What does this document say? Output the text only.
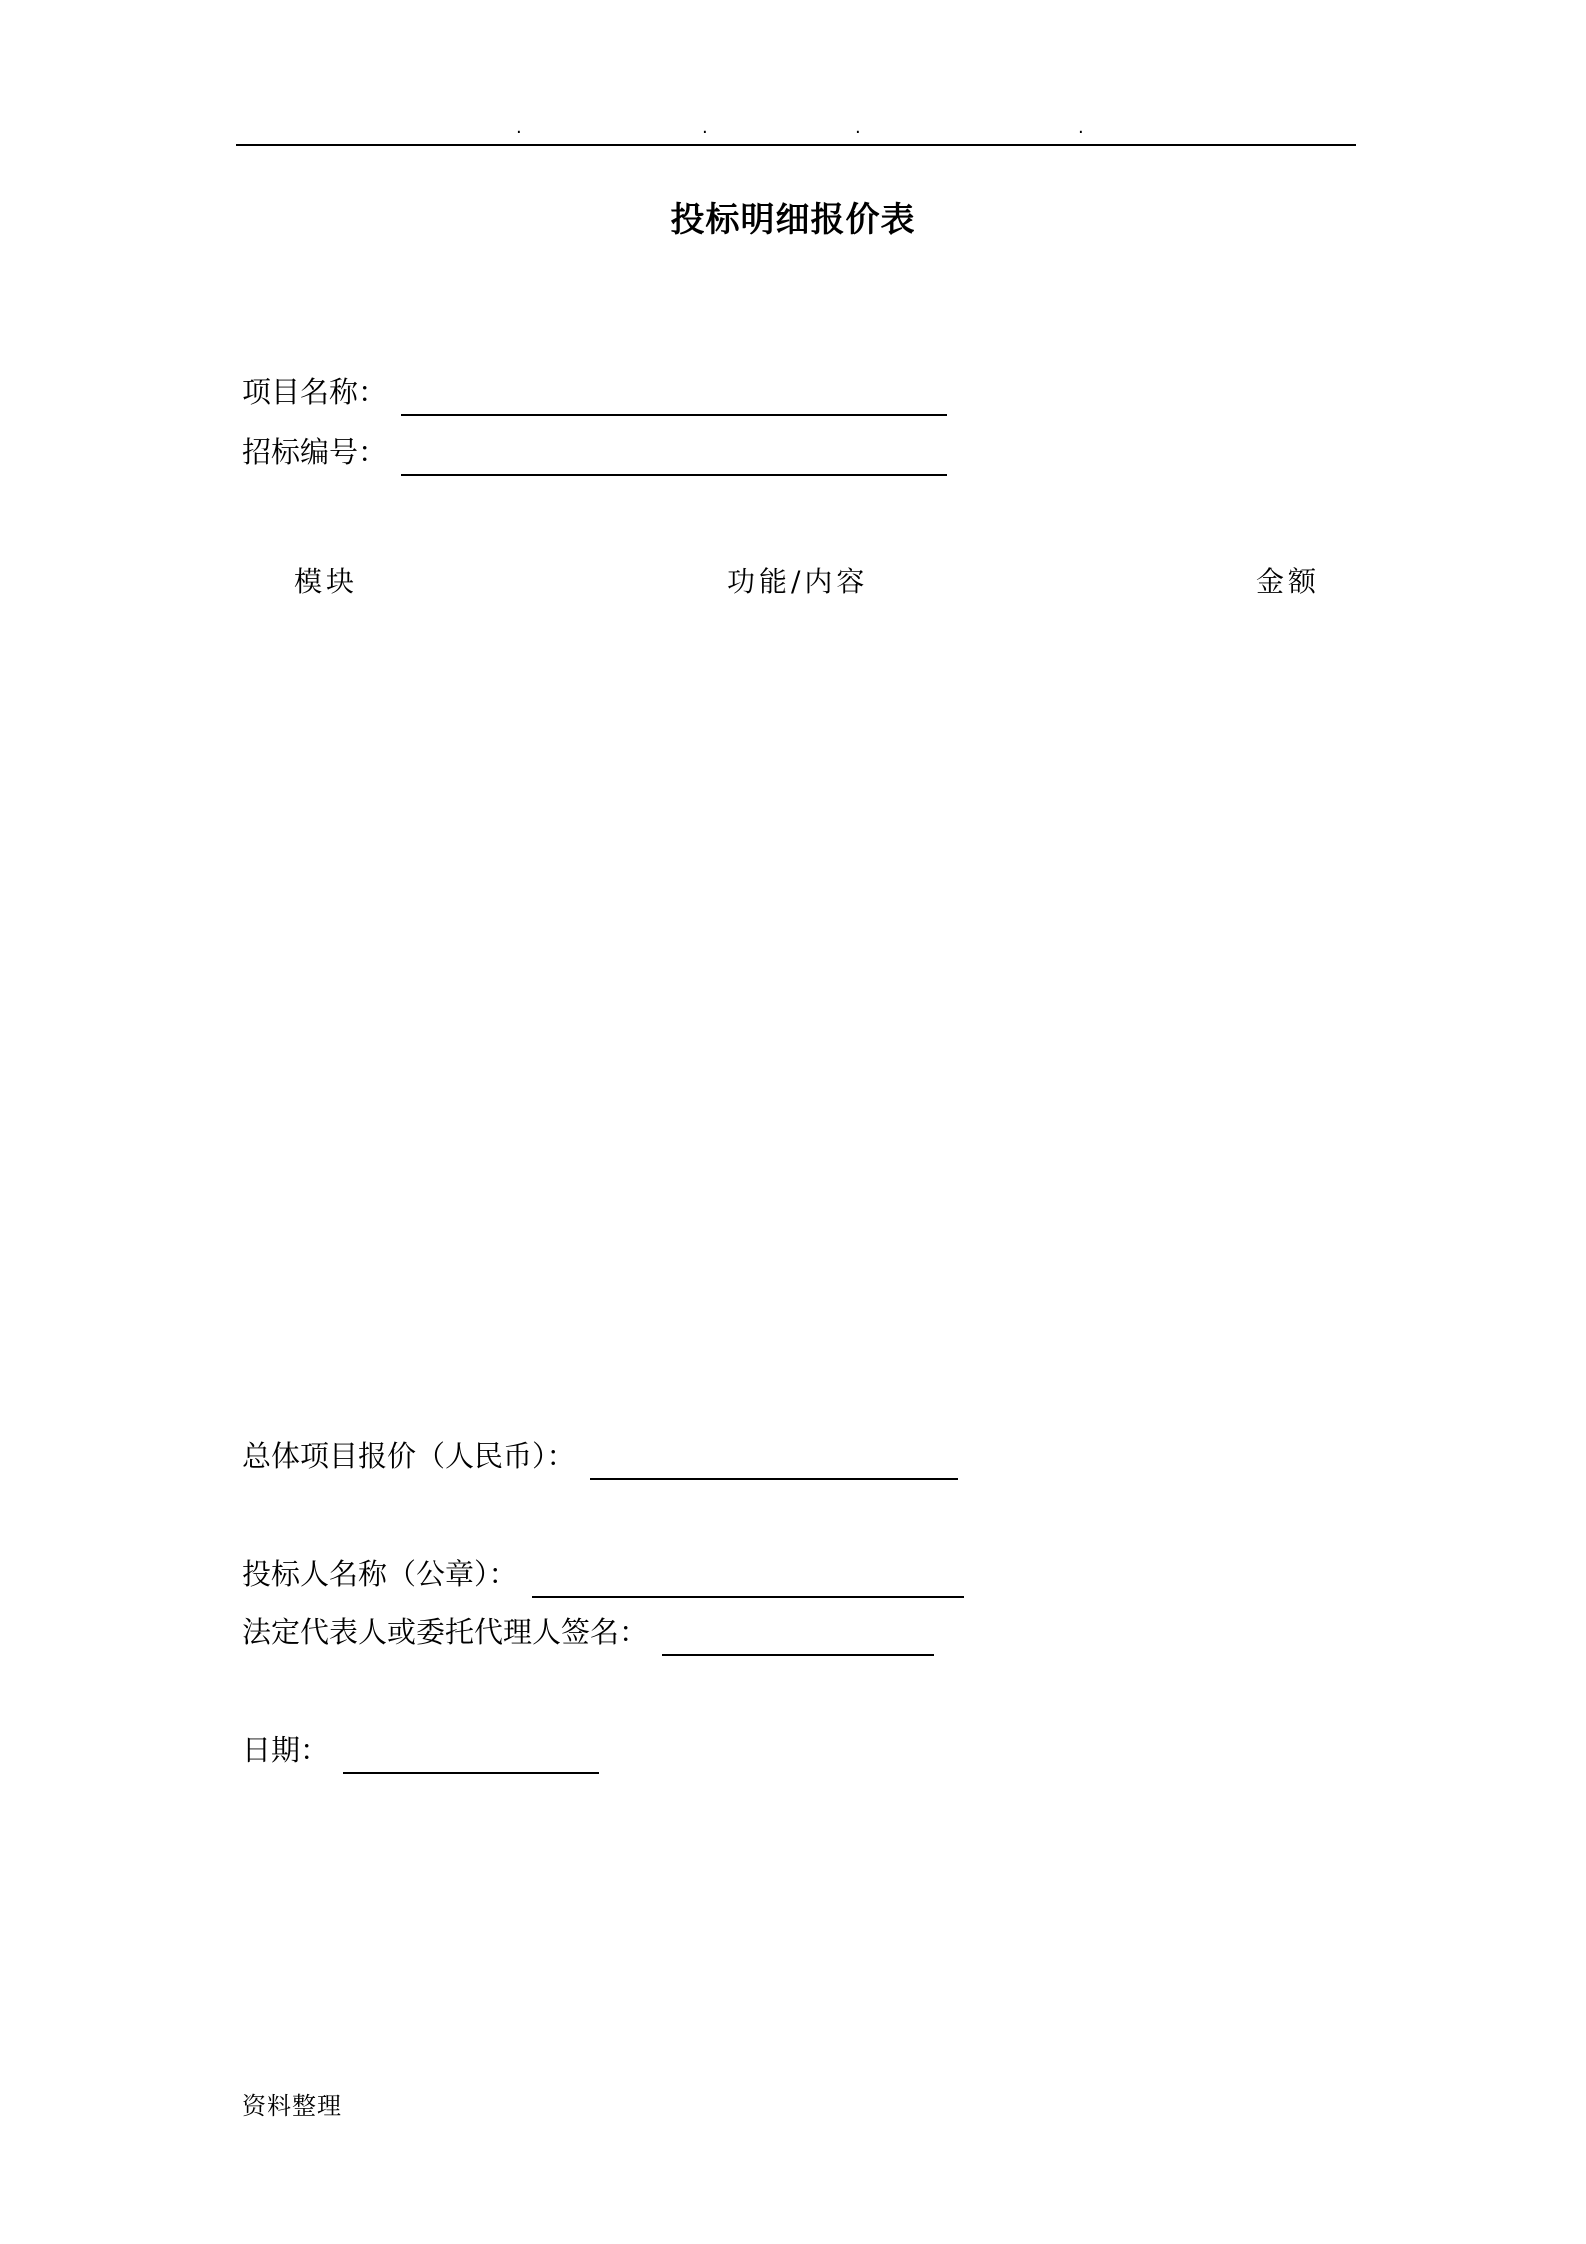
.	.	.	.
投标明细报价表
项目名称：
招标编号：
模块	功能/内容	金额
总体项目报价（人民币）：
投标人名称（公章）：
法定代表人或委托代理人签名：
日期：
资料整理
